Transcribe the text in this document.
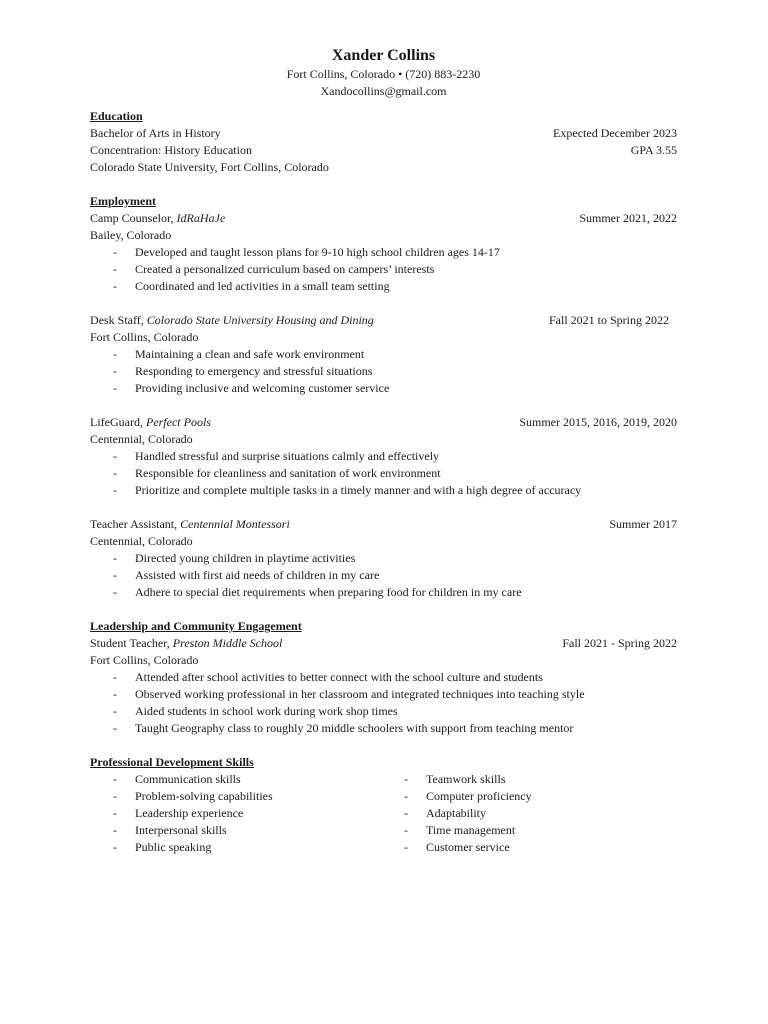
Xander Collins
Fort Collins, Colorado • (720) 883-2230
Xandocollins@gmail.com
Education
Bachelor of Arts in History	Expected December 2023
Concentration: History Education	GPA 3.55
Colorado State University, Fort Collins, Colorado
Employment
Camp Counselor, IdRaHaJe	Summer 2021, 2022
Bailey, Colorado
- Developed and taught lesson plans for 9-10 high school children ages 14-17
- Created a personalized curriculum based on campers’ interests
- Coordinated and led activities in a small team setting
Desk Staff, Colorado State University Housing and Dining	Fall 2021 to Spring 2022
Fort Collins, Colorado
- Maintaining a clean and safe work environment
- Responding to emergency and stressful situations
- Providing inclusive and welcoming customer service
LifeGuard, Perfect Pools	Summer 2015, 2016, 2019, 2020
Centennial, Colorado
- Handled stressful and surprise situations calmly and effectively
- Responsible for cleanliness and sanitation of work environment
- Prioritize and complete multiple tasks in a timely manner and with a high degree of accuracy
Teacher Assistant, Centennial Montessori	Summer 2017
Centennial, Colorado
- Directed young children in playtime activities
- Assisted with first aid needs of children in my care
- Adhere to special diet requirements when preparing food for children in my care
Leadership and Community Engagement
Student Teacher, Preston Middle School	Fall 2021 - Spring 2022
Fort Collins, Colorado
- Attended after school activities to better connect with the school culture and students
- Observed working professional in her classroom and integrated techniques into teaching style
- Aided students in school work during work shop times
- Taught Geography class to roughly 20 middle schoolers with support from teaching mentor
Professional Development Skills
- Communication skills
- Problem-solving capabilities
- Leadership experience
- Interpersonal skills
- Public speaking
- Teamwork skills
- Computer proficiency
- Adaptability
- Time management
- Customer service
